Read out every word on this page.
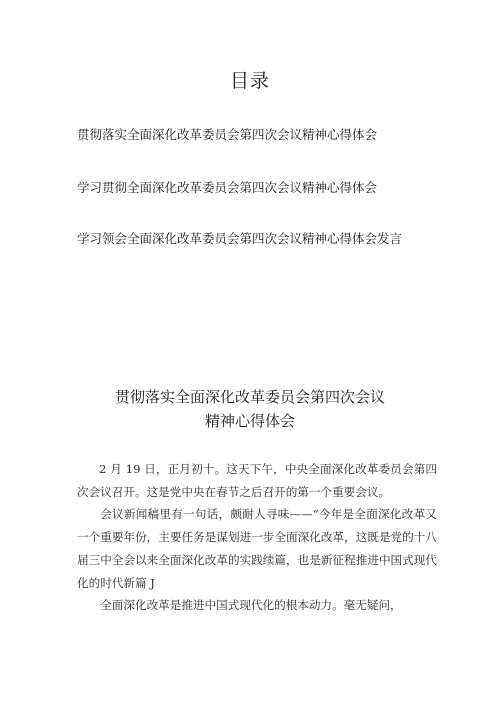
目录
贯彻落实全面深化改革委员会第四次会议精神心得体会
学习贯彻全面深化改革委员会第四次会议精神心得体会
学习领会全面深化改革委员会第四次会议精神心得体会发言
贯彻落实全面深化改革委员会第四次会议
精神心得体会

2 月 19 日，正月初十。这天下午，中央全面深化改革委员会第四次会议召开。这是党中央在春节之后召开的第一个重要会议。

会议新闻稿里有一句话，颇耐人寻味——“今年是全面深化改革又一个重要年份，主要任务是谋划进一步全面深化改革，这既是党的十八届三中全会以来全面深化改革的实践续篇，也是新征程推进中国式现代化的时代新篇 J

全面深化改革是推进中国式现代化的根本动力。毫无疑问，
